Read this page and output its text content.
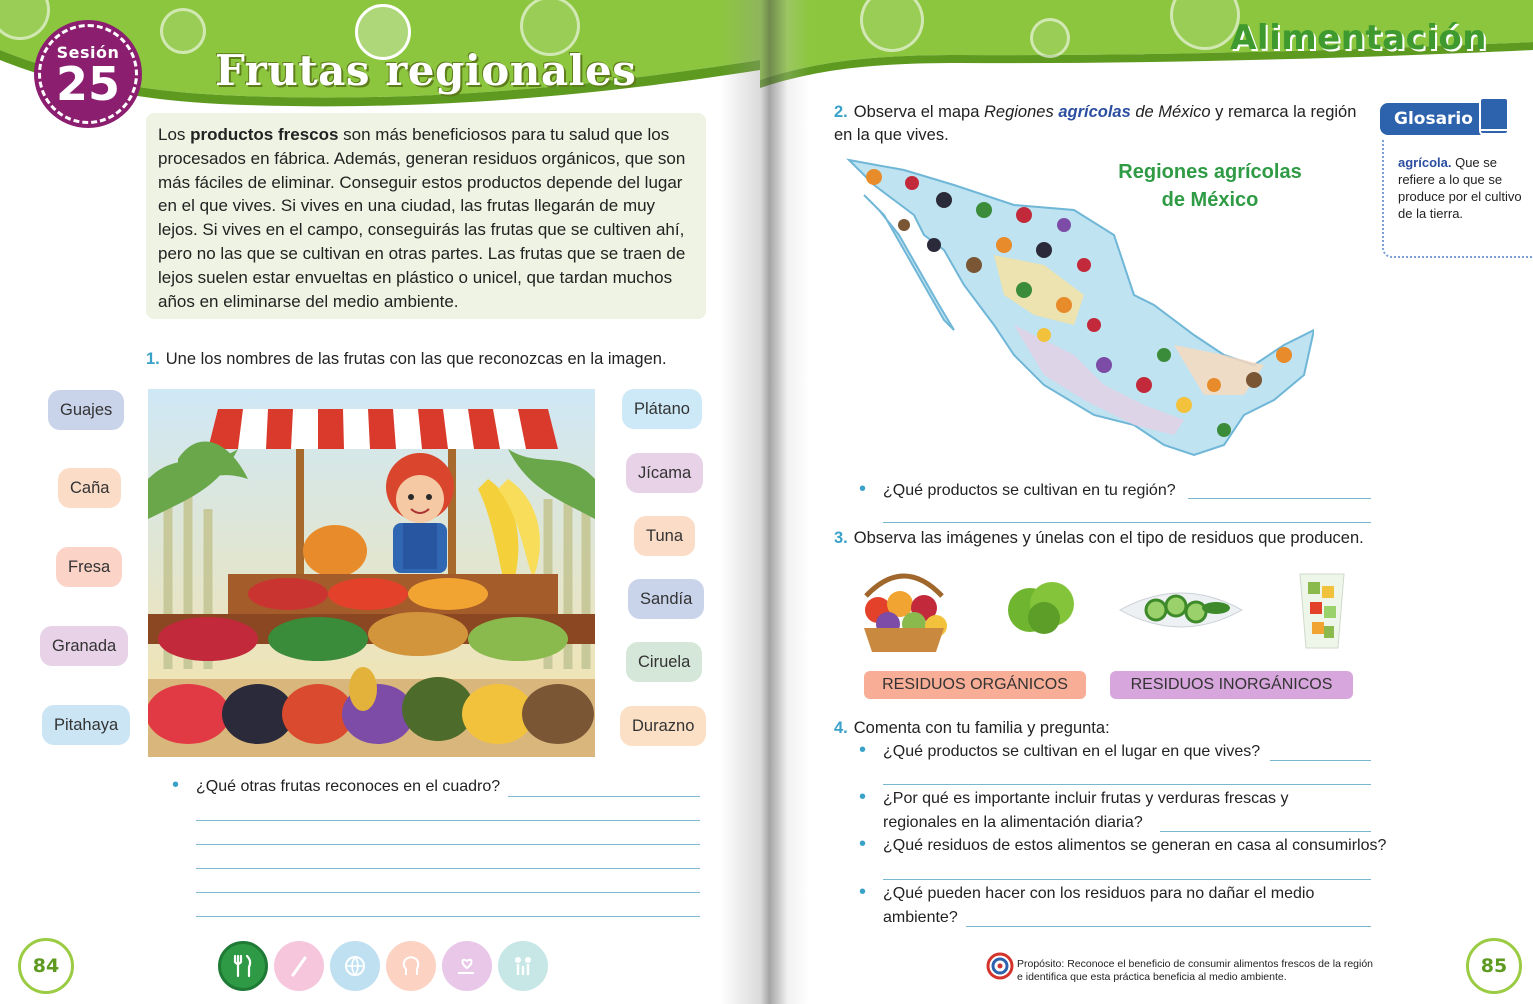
Sesión
25	Frutas regionales
Los productos frescos son más beneficiosos para tu salud que los procesados en fábrica. Además, generan residuos orgánicos, que son más fáciles de eliminar. Conseguir estos productos depende del lugar en el que vives. Si vives en una ciudad, las frutas llegarán de muy lejos. Si vives en el campo, conseguirás las frutas que se cultiven ahí, pero no las que se cultivan en otras partes. Las frutas que se traen de lejos suelen estar envueltas en plástico o unicel, que tardan muchos años en eliminarse del medio ambiente.
1. Une los nombres de las frutas con las que reconozcas en la imagen.
Guajes
Caña
Fresa
Granada
Pitahaya
Plátano
Jícama
Tuna
Sandía
Ciruela
Durazno
• ¿Qué otras frutas reconoces en el cuadro?
84
Alimentación
2. Observa el mapa Regiones agrícolas de México y remarca la región en la que vives.
Glosario
agrícola. Que se refiere a lo que se produce por el cultivo de la tierra.
Regiones agrícolas
de México
• ¿Qué productos se cultivan en tu región?
3. Observa las imágenes y únelas con el tipo de residuos que producen.
RESIDUOS ORGÁNICOS	RESIDUOS INORGÁNICOS
4. Comenta con tu familia y pregunta:
• ¿Qué productos se cultivan en el lugar en que vives?
• ¿Por qué es importante incluir frutas y verduras frescas y
regionales en la alimentación diaria?
• ¿Qué residuos de estos alimentos se generan en casa al consumirlos?
• ¿Qué pueden hacer con los residuos para no dañar el medio
ambiente?
Propósito: Reconoce el beneficio de consumir alimentos frescos de la región e identifica que esta práctica beneficia al medio ambiente.	85
